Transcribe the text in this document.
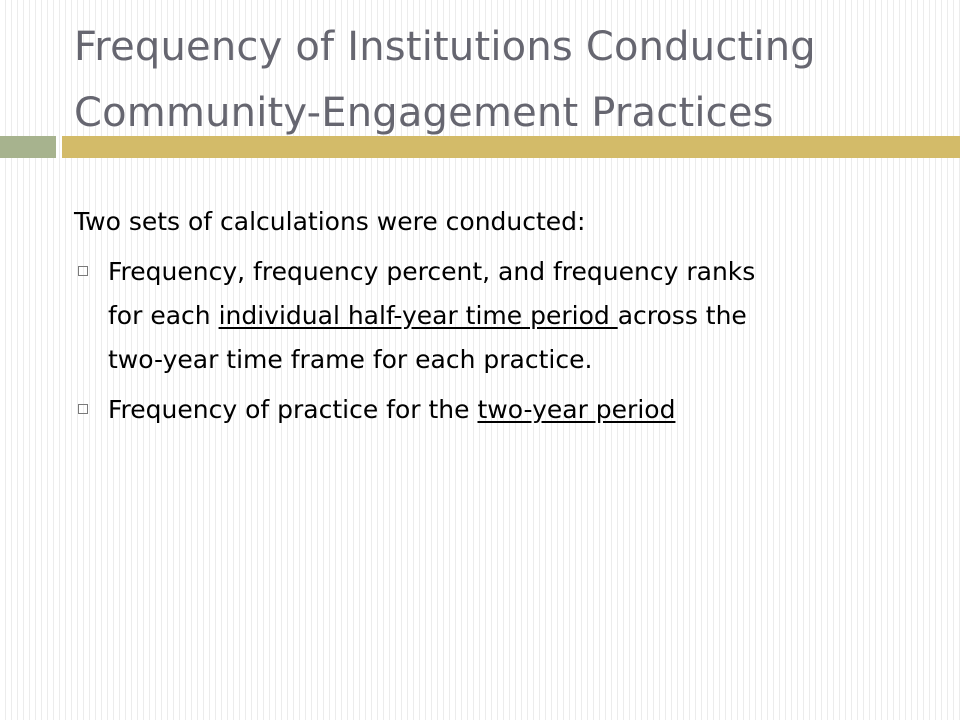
Frequency of Institutions Conducting
Community-Engagement Practices

Two sets of calculations were conducted:

Frequency, frequency percent, and frequency ranks
for each individual half-year time period across the
two-year time frame for each practice.
Frequency of practice for the two-year period
